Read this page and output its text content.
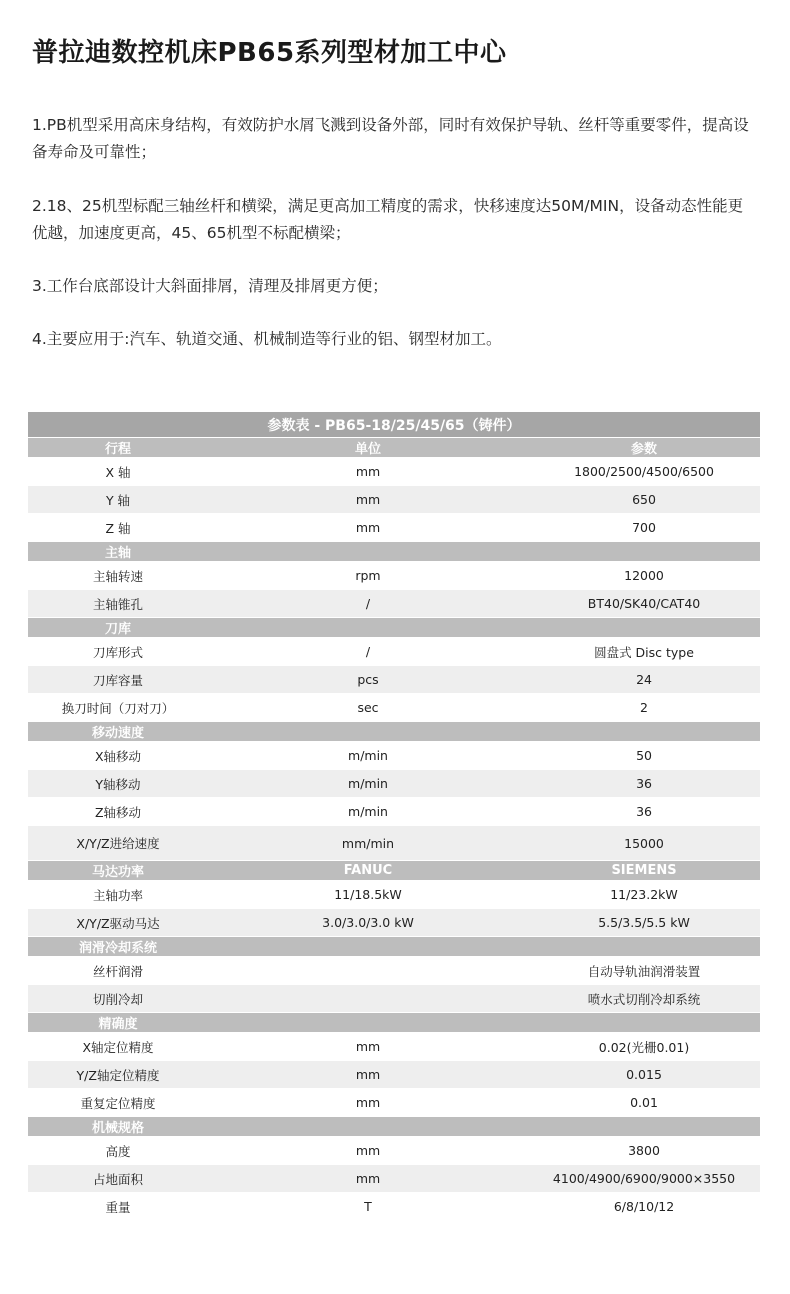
普拉迪数控机床PB65系列型材加工中心

1.PB机型采用高床身结构，有效防护水屑飞溅到设备外部，同时有效保护导轨、丝杆等重要零件，提高设备寿命及可靠性；

2.18、25机型标配三轴丝杆和横梁，满足更高加工精度的需求，快移速度达50M/MIN，设备动态性能更优越，加速度更高，45、65机型不标配横梁；

3.工作台底部设计大斜面排屑，清理及排屑更方便；

4.主要应用于:汽车、轨道交通、机械制造等行业的铝、钢型材加工。

参数表 - PB65-18/25/45/65（铸件）		
行程	单位	参数
X 轴	mm	1800/2500/4500/6500
Y 轴	mm	650
Z 轴	mm	700
主轴		
主轴转速	rpm	12000
主轴锥孔	/	BT40/SK40/CAT40
刀库		
刀库形式	/	圆盘式 Disc type
刀库容量	pcs	24
换刀时间（刀对刀）	sec	2
移动速度		
X轴移动	m/min	50
Y轴移动	m/min	36
Z轴移动	m/min	36
X/Y/Z进给速度	mm/min	15000
马达功率	FANUC	SIEMENS
主轴功率	11/18.5kW	11/23.2kW
X/Y/Z驱动马达	3.0/3.0/3.0 kW	5.5/3.5/5.5 kW
润滑冷却系统		
丝杆润滑		自动导轨油润滑装置
切削冷却		喷水式切削冷却系统
精确度		
X轴定位精度	mm	0.02(光栅0.01)
Y/Z轴定位精度	mm	0.015
重复定位精度	mm	0.01
机械规格		
高度	mm	3800
占地面积	mm	4100/4900/6900/9000×3550
重量	T	6/8/10/12
